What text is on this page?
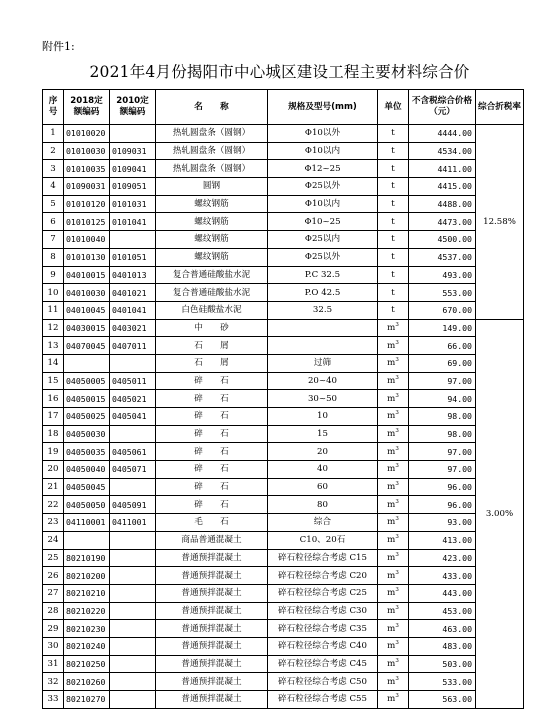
附件1:
2021年4月份揭阳市中心城区建设工程主要材料综合价
序号	2018定额编码	2010定额编码	名　　称	规格及型号(mm)	单位	不含税综合价格（元）	综合折税率
1	01010020		热轧圆盘条（圆钢）	Φ10以外	t	4444.00	12.58%
2	01010030	0109031	热轧圆盘条（圆钢）	Φ10以内	t	4534.00	
3	01010035	0109041	热轧圆盘条（圆钢）	Φ12~25	t	4411.00	
4	01090031	0109051	圆钢	Φ25以外	t	4415.00	
5	01010120	0101031	螺纹钢筋	Φ10以内	t	4488.00	
6	01010125	0101041	螺纹钢筋	Φ10~25	t	4473.00	
7	01010040		螺纹钢筋	Φ25以内	t	4500.00	
8	01010130	0101051	螺纹钢筋	Φ25以外	t	4537.00	
9	04010015	0401013	复合普通硅酸盐水泥	P.C 32.5	t	493.00	
10	04010030	0401021	复合普通硅酸盐水泥	P.O 42.5	t	553.00	
11	04010045	0401041	白色硅酸盐水泥	32.5	t	670.00	
12	04030015	0403021	中　　砂		$m^3$	149.00	3.00%
13	04070045	0407011	石　　屑		$m^3$	66.00	
14			石　　屑	过筛	$m^3$	69.00	
15	04050005	0405011	碎　　石	20~40	$m^3$	97.00	
16	04050015	0405021	碎　　石	30~50	$m^3$	94.00	
17	04050025	0405041	碎　　石	10	$m^3$	98.00	
18	04050030		碎　　石	15	$m^3$	98.00	
19	04050035	0405061	碎　　石	20	$m^3$	97.00	
20	04050040	0405071	碎　　石	40	$m^3$	97.00	
21	04050045		碎　　石	60	$m^3$	96.00	
22	04050050	0405091	碎　　石	80	$m^3$	96.00	
23	04110001	0411001	毛　　石	综合	$m^3$	93.00	
24			商品普通混凝土	C10、20石	$m^3$	413.00	
25	80210190		普通预拌混凝土	碎石粒径综合考虑 C15	$m^3$	423.00	
26	80210200		普通预拌混凝土	碎石粒径综合考虑 C20	$m^3$	433.00	
27	80210210		普通预拌混凝土	碎石粒径综合考虑 C25	$m^3$	443.00	
28	80210220		普通预拌混凝土	碎石粒径综合考虑 C30	$m^3$	453.00	
29	80210230		普通预拌混凝土	碎石粒径综合考虑 C35	$m^3$	463.00	
30	80210240		普通预拌混凝土	碎石粒径综合考虑 C40	$m^3$	483.00	
31	80210250		普通预拌混凝土	碎石粒径综合考虑 C45	$m^3$	503.00	
32	80210260		普通预拌混凝土	碎石粒径综合考虑 C50	$m^3$	533.00	
33	80210270		普通预拌混凝土	碎石粒径综合考虑 C55	$m^3$	563.00	
